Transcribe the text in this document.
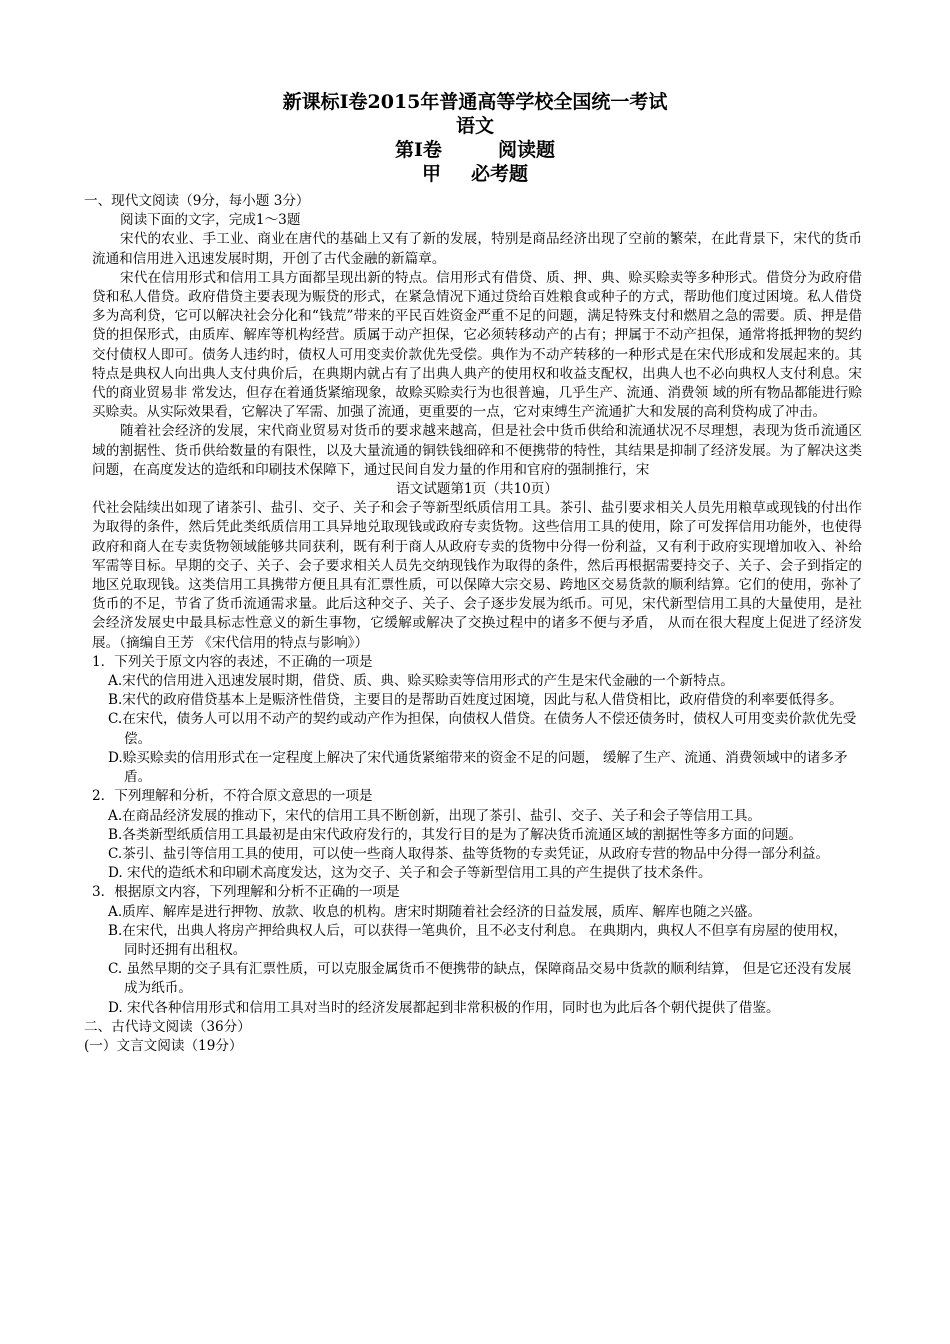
新课标Ⅰ卷2015年普通高等学校全国统一考试

语文

第Ⅰ卷	阅读题

甲 必考题

一、现代文阅读（9分，每小题 3分）

阅读下面的文字，完成1～3题

宋代的农业、手工业、商业在唐代的基础上又有了新的发展，特别是商品经济出现了空前的繁荣，在此背景下，宋代的货币流通和信用进入迅速发展时期，开创了古代金融的新篇章。

宋代在信用形式和信用工具方面都呈现出新的特点。信用形式有借贷、质、押、典、赊买赊卖等多种形式。借贷分为政府借贷和私人借贷。政府借贷主要表现为赈贷的形式，在紧急情况下通过贷给百姓粮食或种子的方式，帮助他们度过困境。私人借贷多为高利贷，它可以解决社会分化和“钱荒”带来的平民百姓资金严重不足的问题，满足特殊支付和燃眉之急的需要。质、押是借贷的担保形式，由质库、解库等机构经营。质属于动产担保，它必须转移动产的占有；押属于不动产担保，通常将抵押物的契约交付债权人即可。债务人违约时，债权人可用变卖价款优先受偿。典作为不动产转移的一种形式是在宋代形成和发展起来的。其特点是典权人向出典人支付典价后，在典期内就占有了出典人典产的使用权和收益支配权，出典人也不必向典权人支付利息。宋代的商业贸易非 常发达，但存在着通货紧缩现象，故赊买赊卖行为也很普遍，几乎生产、流通、消费领 域的所有物品都能进行赊买赊卖。从实际效果看，它解决了军需、加强了流通，更重要的一点，它对束缚生产流通扩大和发展的高利贷构成了冲击。

随着社会经济的发展，宋代商业贸易对货币的要求越来越高，但是社会中货币供给和流通状况不尽理想，表现为货币流通区域的割据性、货币供给数量的有限性，以及大量流通的铜铁钱细碎和不便携带的特性，其结果是抑制了经济发展。为了解决这类问题，在高度发达的造纸和印刷技术保障下，通过民间自发力量的作用和官府的强制推行，宋

语文试题第1页（共10页）

代社会陆续出如现了诸茶引、盐引、交子、关子和会子等新型纸质信用工具。茶引、盐引要求相关人员先用粮草或现钱的付出作为取得的条件，然后凭此类纸质信用工具异地兑取现钱或政府专卖货物。这些信用工具的使用，除了可发挥信用功能外，也使得政府和商人在专卖货物领域能够共同获利，既有利于商人从政府专卖的货物中分得一份利益，又有利于政府实现增加收入、补给军需等目标。早期的交子、关子、会子要求相关人员先交纳现钱作为取得的条件，然后再根据需要持交子、关子、会子到指定的地区兑取现钱。这类信用工具携带方便且具有汇票性质，可以保障大宗交易、跨地区交易货款的顺利结算。它们的使用，弥补了货币的不足，节省了货币流通需求量。此后这种交子、关子、会子逐步发展为纸币。可见，宋代新型信用工具的大量使用，是社会经济发展史中最具标志性意义的新生事物，它缓解或解决了交换过程中的诸多不便与矛盾， 从而在很大程度上促进了经济发展。（摘编自王芳 《宋代信用的特点与影响》）

1．下列关于原文内容的表述，不正确的一项是

A.宋代的信用进入迅速发展时期，借贷、质、典、赊买赊卖等信用形式的产生是宋代金融的一个新特点。

B.宋代的政府借贷基本上是赈济性借贷，主要目的是帮助百姓度过困境，因此与私人借贷相比，政府借贷的利率要低得多。

C.在宋代，债务人可以用不动产的契约或动产作为担保，向债权人借贷。在债务人不偿还债务时，债权人可用变卖价款优先受偿。

D.赊买赊卖的信用形式在一定程度上解决了宋代通货紧缩带来的资金不足的问题， 缓解了生产、流通、消费领域中的诸多矛盾。

2．下列理解和分析，不符合原文意思的一项是

A.在商品经济发展的推动下，宋代的信用工具不断创新，出现了茶引、盐引、交子、关子和会子等信用工具。

B.各类新型纸质信用工具最初是由宋代政府发行的，其发行目的是为了解决货币流通区域的割据性等多方面的问题。

C.茶引、盐引等信用工具的使用，可以使一些商人取得茶、盐等货物的专卖凭证，从政府专营的物品中分得一部分利益。

D. 宋代的造纸术和印刷术高度发达，这为交子、关子和会子等新型信用工具的产生提供了技术条件。

3．根据原文内容，下列理解和分析不正确的一项是

A.质库、解库是进行押物、放款、收息的机构。唐宋时期随着社会经济的日益发展，质库、解库也随之兴盛。

B.在宋代，出典人将房产押给典权人后，可以获得一笔典价，且不必支付利息。 在典期内，典权人不但享有房屋的使用权， 同时还拥有出租权。

C. 虽然早期的交子具有汇票性质，可以克服金属货币不便携带的缺点，保障商品交易中货款的顺利结算， 但是它还没有发展成为纸币。

D. 宋代各种信用形式和信用工具对当时的经济发展都起到非常积极的作用，同时也为此后各个朝代提供了借鉴。

二、古代诗文阅读（36分）

(一）文言文阅读（19分）
